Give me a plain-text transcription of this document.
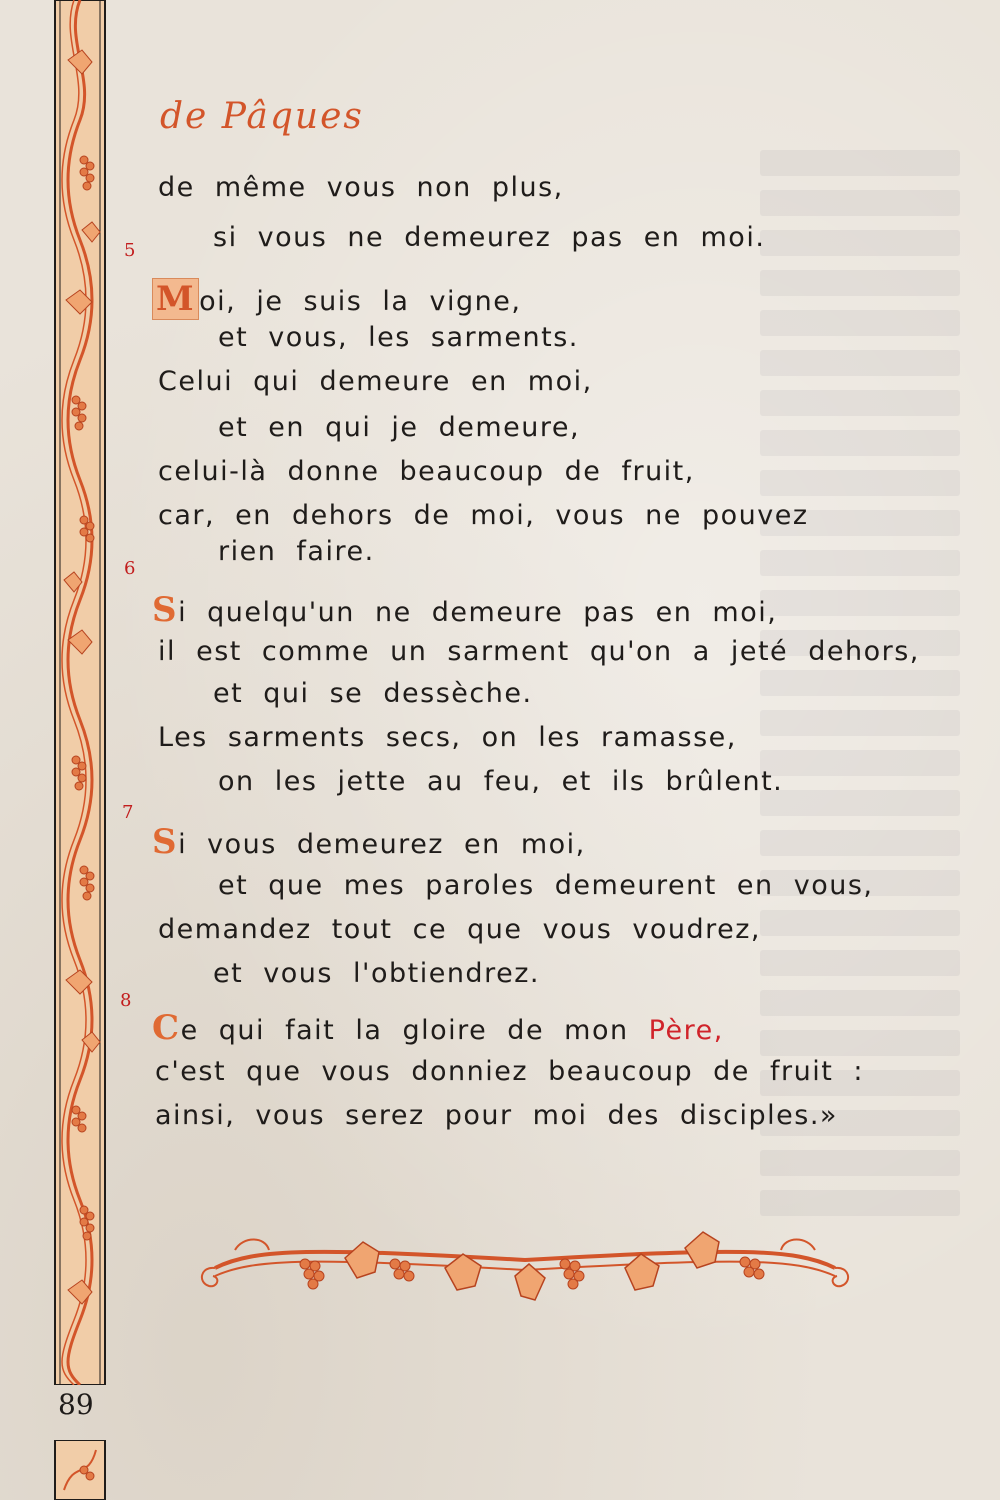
89
de Pâques
de même vous non plus,
si vous ne demeurez pas en moi.
5
M oi, je suis la vigne,
et vous, les sarments.
Celui qui demeure en moi,
et en qui je demeure,
celui-là donne beaucoup de fruit,
car, en dehors de moi, vous ne pouvez
rien faire.
6
Si quelqu'un ne demeure pas en moi,
il est comme un sarment qu'on a jeté dehors,
et qui se dessèche.
Les sarments secs, on les ramasse,
on les jette au feu, et ils brûlent.
7
Si vous demeurez en moi,
et que mes paroles demeurent en vous,
demandez tout ce que vous voudrez,
et vous l'obtiendrez.
8
Ce qui fait la gloire de mon Père,
c'est que vous donniez beaucoup de fruit :
ainsi, vous serez pour moi des disciples.»
